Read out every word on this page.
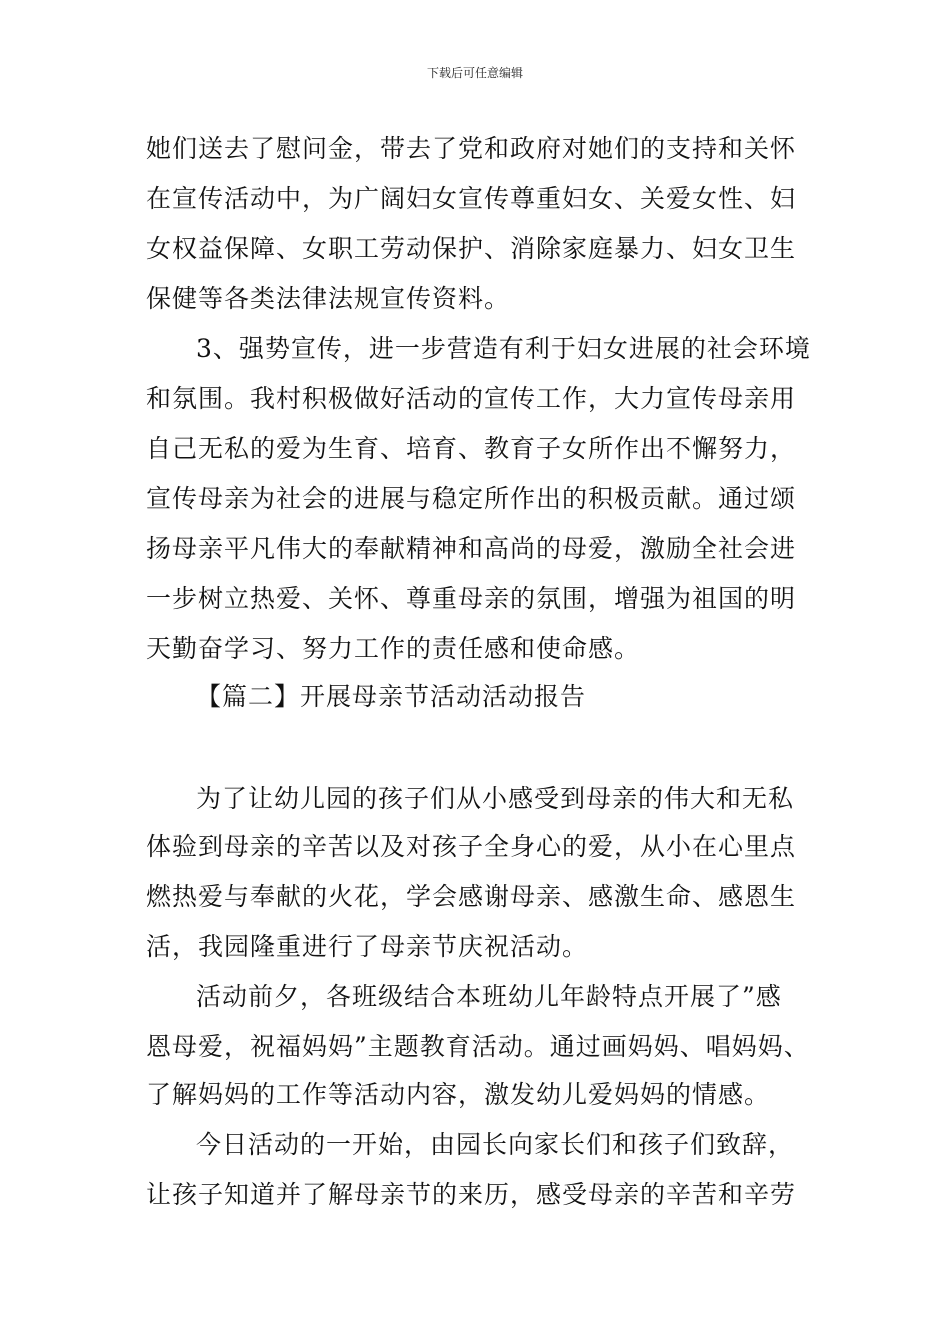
下载后可任意编辑
她们送去了慰问金，带去了党和政府对她们的支持和关怀
在宣传活动中，为广阔妇女宣传尊重妇女、关爱女性、妇
女权益保障、女职工劳动保护、消除家庭暴力、妇女卫生
保健等各类法律法规宣传资料。
3、强势宣传，进一步营造有利于妇女进展的社会环境
和氛围。我村积极做好活动的宣传工作，大力宣传母亲用
自己无私的爱为生育、培育、教育子女所作出不懈努力，
宣传母亲为社会的进展与稳定所作出的积极贡献。通过颂
扬母亲平凡伟大的奉献精神和高尚的母爱，激励全社会进
一步树立热爱、关怀、尊重母亲的氛围，增强为祖国的明
天勤奋学习、努力工作的责任感和使命感。
【篇二】开展母亲节活动活动报告
为了让幼儿园的孩子们从小感受到母亲的伟大和无私
体验到母亲的辛苦以及对孩子全身心的爱，从小在心里点
燃热爱与奉献的火花，学会感谢母亲、感激生命、感恩生
活，我园隆重进行了母亲节庆祝活动。
活动前夕，各班级结合本班幼儿年龄特点开展了”感
恩母爱，祝福妈妈”主题教育活动。通过画妈妈、唱妈妈、
了解妈妈的工作等活动内容，激发幼儿爱妈妈的情感。
今日活动的一开始，由园长向家长们和孩子们致辞，
让孩子知道并了解母亲节的来历，感受母亲的辛苦和辛劳
